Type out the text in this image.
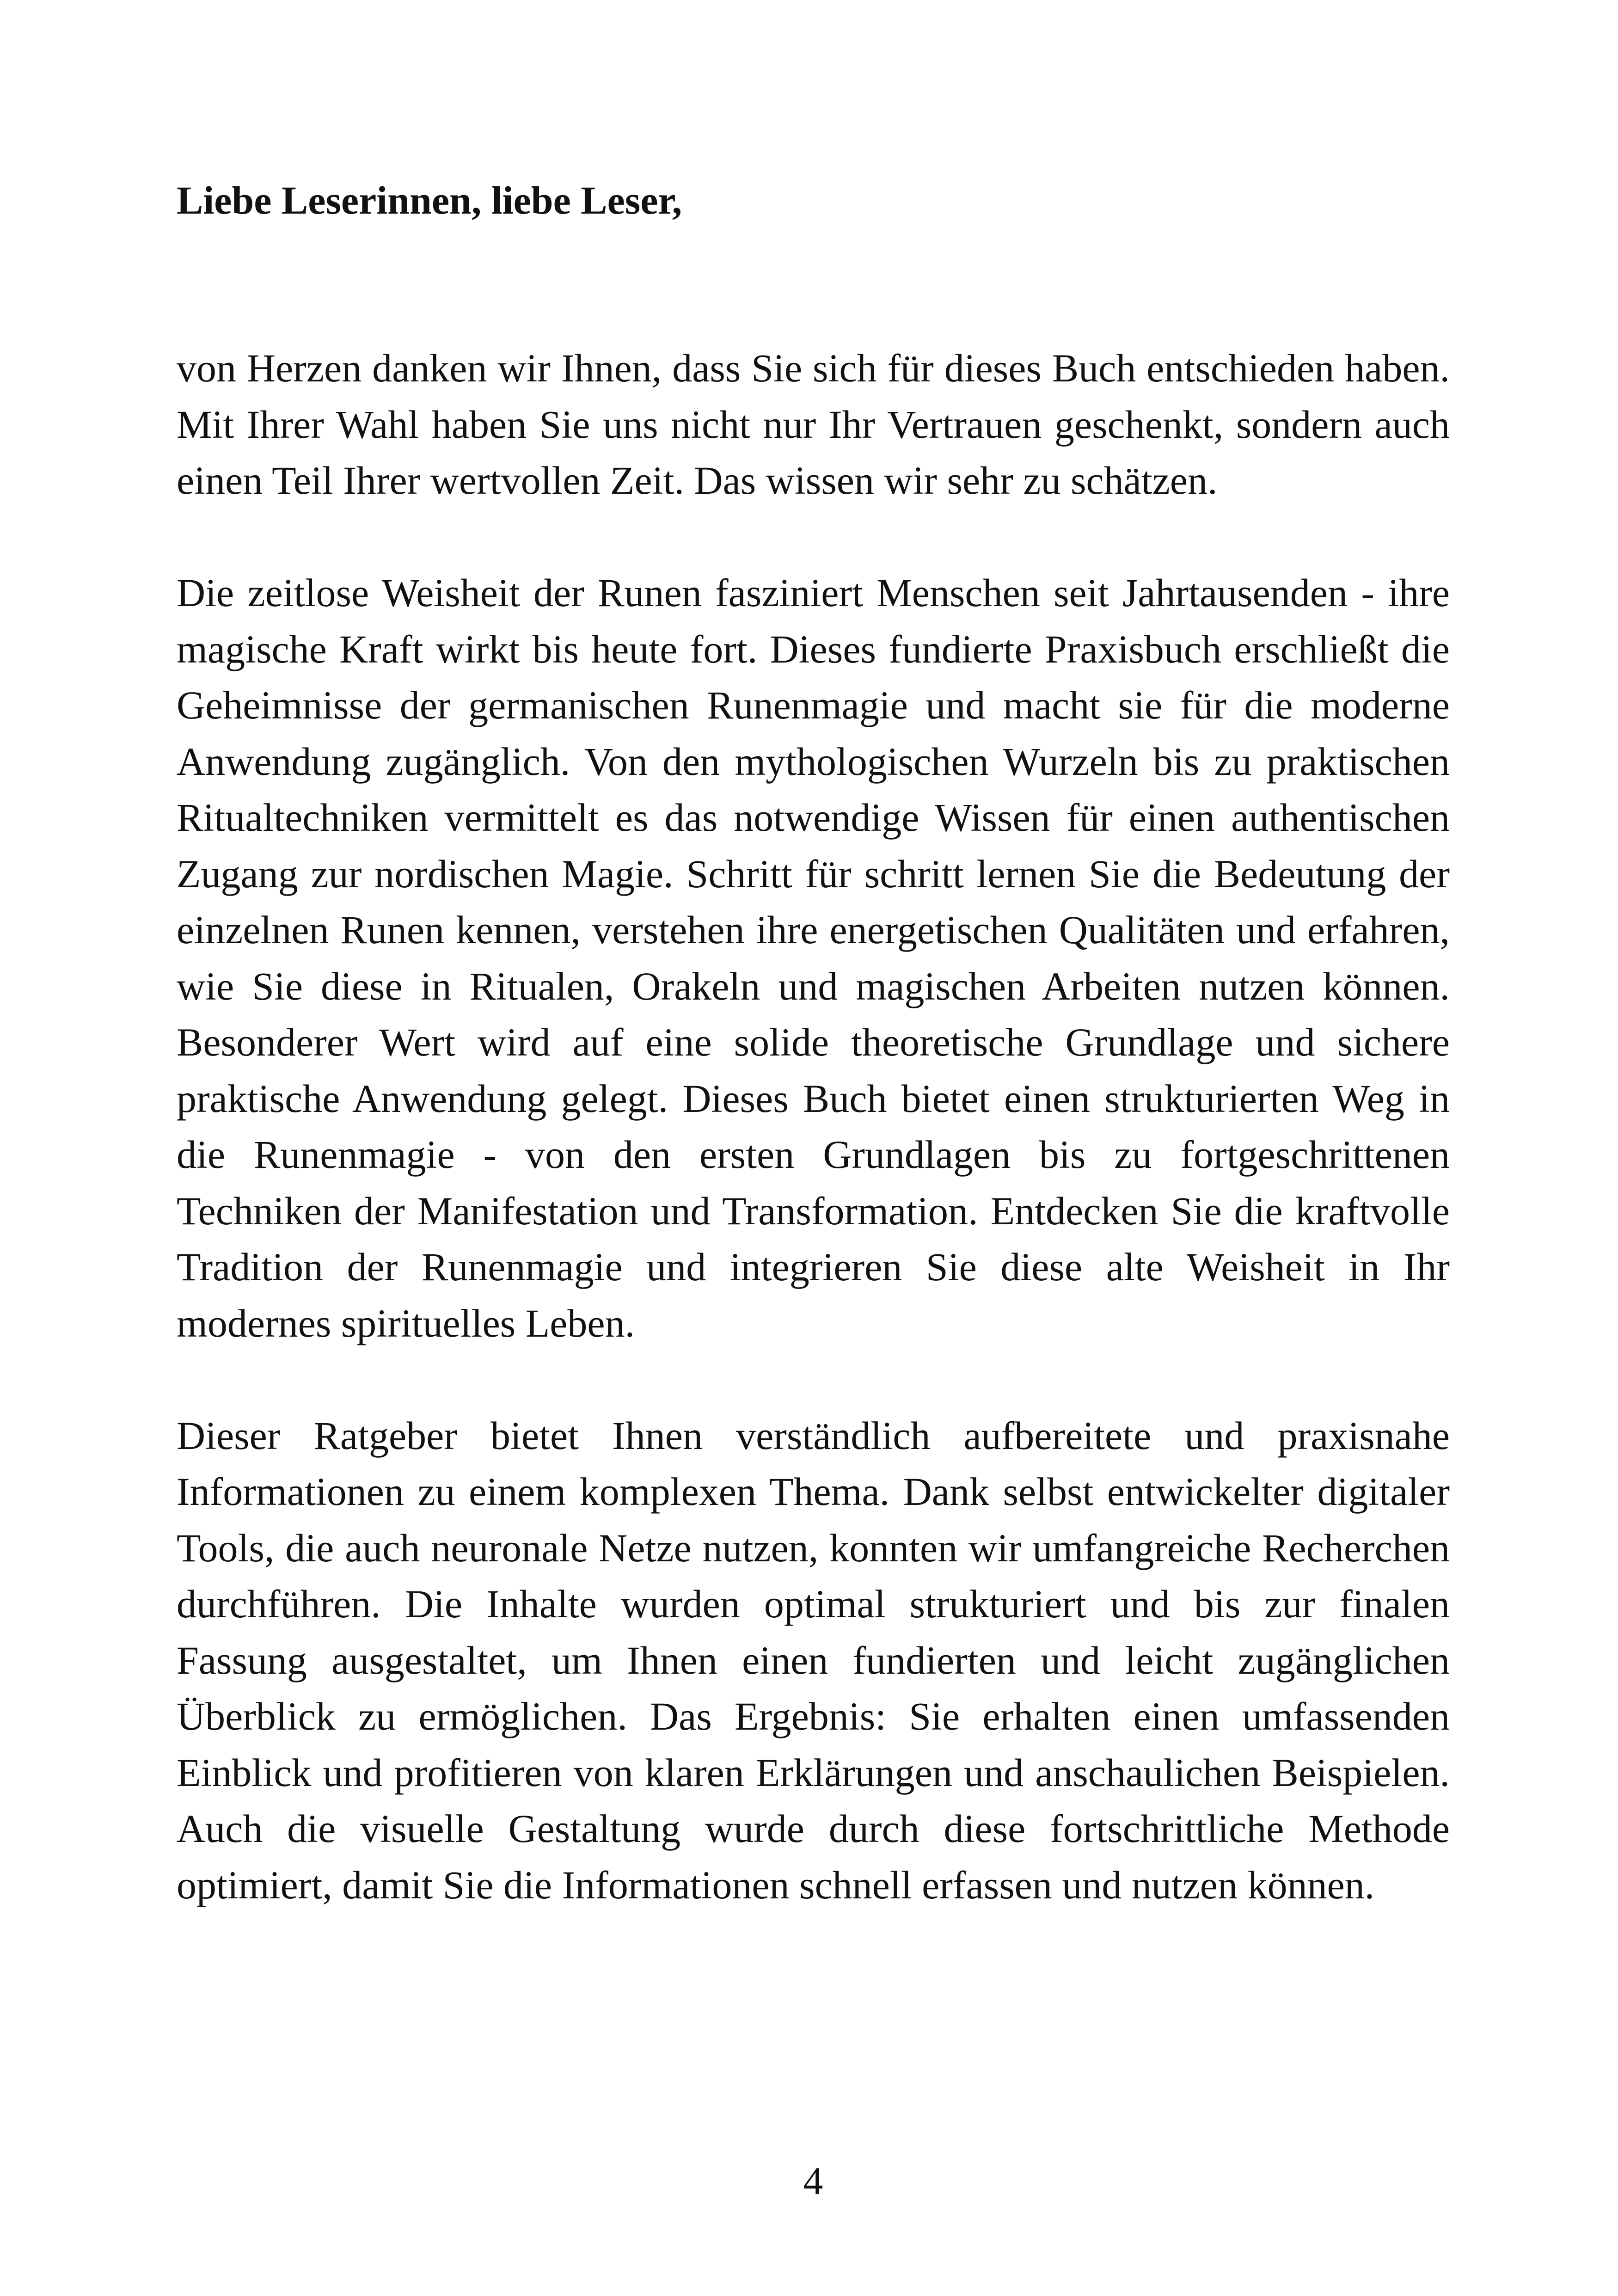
Liebe Leserinnen, liebe Leser,

von Herzen danken wir Ihnen, dass Sie sich für dieses Buch entschieden haben. Mit Ihrer Wahl haben Sie uns nicht nur Ihr Vertrauen geschenkt, sondern auch einen Teil Ihrer wertvollen Zeit. Das wissen wir sehr zu schätzen.

Die zeitlose Weisheit der Runen fasziniert Menschen seit Jahrtausenden - ihre magische Kraft wirkt bis heute fort. Dieses fundierte Praxisbuch erschließt die Geheimnisse der germanischen Runenmagie und macht sie für die moderne Anwendung zugänglich. Von den mythologischen Wurzeln bis zu praktischen Ritualtechniken vermittelt es das notwendige Wissen für einen authentischen Zugang zur nordischen Magie. Schritt für schritt lernen Sie die Bedeutung der einzelnen Runen kennen, verstehen ihre energetischen Qualitäten und erfahren, wie Sie diese in Ritualen, Orakeln und magischen Arbeiten nutzen können. Besonderer Wert wird auf eine solide theoretische Grundlage und sichere praktische Anwendung gelegt. Dieses Buch bietet einen strukturierten Weg in die Runenmagie - von den ersten Grundlagen bis zu fortgeschrittenen Techniken der Manifestation und Transformation. Entdecken Sie die kraftvolle Tradition der Runenmagie und integrieren Sie diese alte Weisheit in Ihr modernes spirituelles Leben.

Dieser Ratgeber bietet Ihnen verständlich aufbereitete und praxisnahe Informationen zu einem komplexen Thema. Dank selbst entwickelter digitaler Tools, die auch neuronale Netze nutzen, konnten wir umfangreiche Recherchen durchführen. Die Inhalte wurden optimal strukturiert und bis zur finalen Fassung ausgestaltet, um Ihnen einen fundierten und leicht zugänglichen Überblick zu ermöglichen. Das Ergebnis: Sie erhalten einen umfassenden Einblick und profitieren von klaren Erklärungen und anschaulichen Beispielen. Auch die visuelle Gestaltung wurde durch diese fortschrittliche Methode optimiert, damit Sie die Informationen schnell erfassen und nutzen können.

4
